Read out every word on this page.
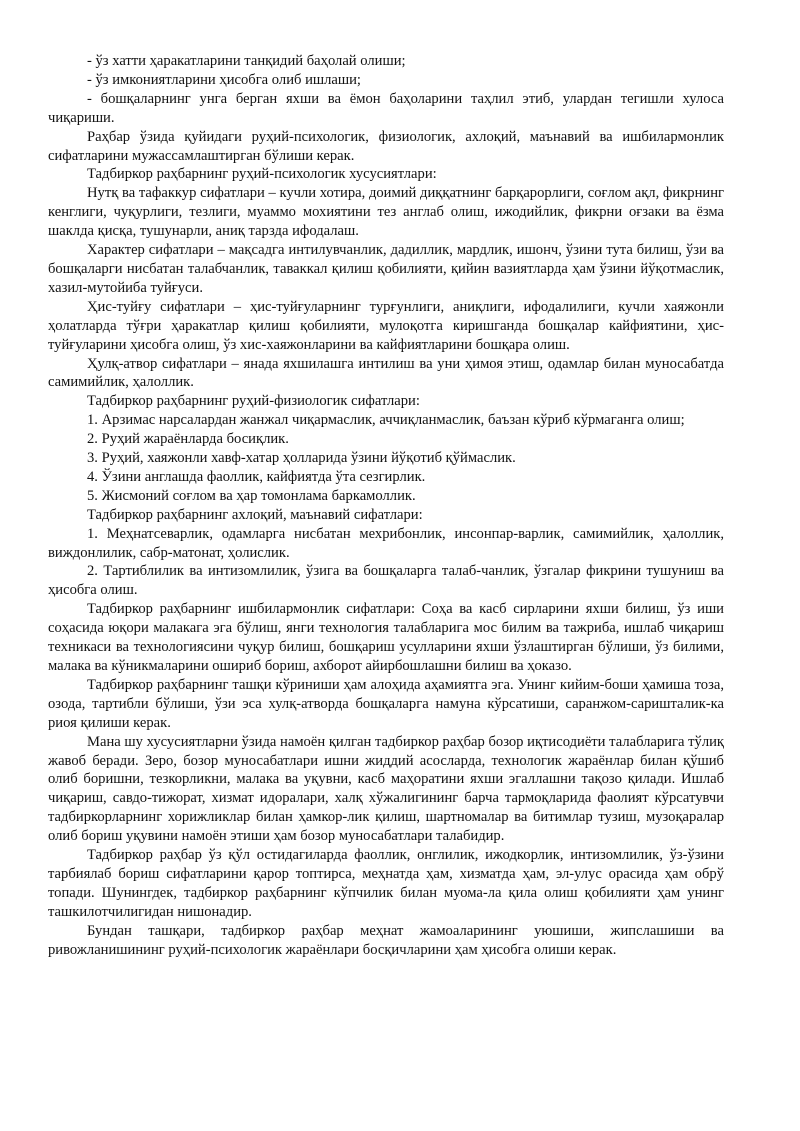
- ўз хатти ҳаракатларини танқидий баҳолай олиши;

- ўз имкониятларини ҳисобга олиб ишлаши;

- бошқаларнинг унга берган яхши ва ёмон баҳоларини таҳлил этиб, улардан тегишли хулоса чиқариши.

Раҳбар ўзида қуйидаги руҳий-психологик, физиологик, ахлоқий, маънавий ва ишбилармонлик сифатларини мужассамлаштирган бўлиши керак.

Тадбиркор раҳбарнинг руҳий-психологик хусусиятлари:

Нутқ ва тафаккур сифатлари – кучли хотира, доимий диққатнинг барқарорлиги, соғлом ақл, фикрнинг кенглиги, чуқурлиги, тезлиги, муаммо мохиятини тез англаб олиш, ижодийлик, фикрни оғзаки ва ёзма шаклда қисқа, тушунарли, аниқ тарзда ифодалаш.

Характер сифатлари – мақсадга интилувчанлик, дадиллик, мардлик, ишонч, ўзини тута билиш, ўзи ва бошқаларги нисбатан талабчанлик, таваккал қилиш қобилияти, қийин вазиятларда ҳам ўзини йўқотмаслик, хазил-мутойиба туйғуси.

Ҳис-туйғу сифатлари – ҳис-туйғуларнинг турғунлиги, аниқлиги, ифодалилиги, кучли хаяжонли ҳолатларда тўғри ҳаракатлар қилиш қобилияти, мулоқотга киришганда бошқалар кайфиятини, ҳис-туйғуларини ҳисобга олиш, ўз хис-хаяжонларини ва кайфиятларини бошқара олиш.

Ҳулқ-атвор сифатлари – янада яхшилашга интилиш ва уни ҳимоя этиш, одамлар билан муносабатда самимийлик, ҳалоллик.

Тадбиркор раҳбарнинг руҳий-физиологик сифатлари:

1. Арзимас нарсалардан жанжал чиқармаслик, аччиқланмаслик, баъзан кўриб кўрмаганга олиш;

2. Руҳий жараёнларда босиқлик.

3. Руҳий, хаяжонли хавф-хатар ҳолларида ўзини йўқотиб қўймаслик.

4. Ўзини англашда фаоллик, кайфиятда ўта сезгирлик.

5. Жисмоний соғлом ва ҳар томонлама баркамоллик.

Тадбиркор раҳбарнинг ахлоқий, маънавий сифатлари:

1. Меҳнатсеварлик, одамларга нисбатан мехрибонлик, инсонпар-варлик, самимийлик, ҳалоллик, виждонлилик, сабр-матонат, ҳолислик.

2. Тартиблилик ва интизомлилик, ўзига ва бошқаларга талаб-чанлик, ўзгалар фикрини тушуниш ва ҳисобга олиш.

Тадбиркор раҳбарнинг ишбилармонлик сифатлари: Соҳа ва касб сирларини яхши билиш, ўз иши соҳасида юқори малакага эга бўлиш, янги технология талабларига мос билим ва тажриба, ишлаб чиқариш техникаси ва технологиясини чуқур билиш, бошқариш усулларини яхши ўзлаштирган бўлиши, ўз билими, малака ва кўникмаларини ошириб бориш, ахборот айирбошлашни билиш ва ҳоказо.

Тадбиркор раҳбарнинг ташқи кўриниши ҳам алоҳида аҳамиятга эга. Унинг кийим-боши ҳамиша тоза, озода, тартибли бўлиши, ўзи эса хулқ-атворда бошқаларга намуна кўрсатиши, саранжом-саришталик-ка риоя қилиши керак.

Мана шу хусусиятларни ўзида намоён қилган тадбиркор раҳбар бозор иқтисодиёти талабларига тўлиқ жавоб беради. Зеро, бозор муносабатлари ишни жиддий асосларда, технологик жараёнлар билан қўшиб олиб боришни, тезкорликни, малака ва уқувни, касб маҳоратини яхши эгаллашни тақозо қилади. Ишлаб чиқариш, савдо-тижорат, хизмат идоралари, халқ хўжалигининг барча тармоқларида фаолият кўрсатувчи тадбиркорларнинг хорижликлар билан ҳамкор-лик қилиш, шартномалар ва битимлар тузиш, музоқаралар олиб бориш уқувини намоён этиши ҳам бозор муносабатлари талабидир.

Тадбиркор раҳбар ўз қўл остидагиларда фаоллик, онглилик, ижодкорлик, интизомлилик, ўз-ўзини тарбиялаб бориш сифатларини қарор топтирса, меҳнатда ҳам, хизматда ҳам, эл-улус орасида ҳам обрў топади. Шунингдек, тадбиркор раҳбарнинг кўпчилик билан муома-ла қила олиш қобилияти ҳам унинг ташкилотчилигидан нишонадир.

Бундан ташқари, тадбиркор раҳбар меҳнат жамоаларининг уюшиши, жипслашиши ва ривожланишининг руҳий-психологик жараёнлари босқичларини ҳам ҳисобга олиши керак.
